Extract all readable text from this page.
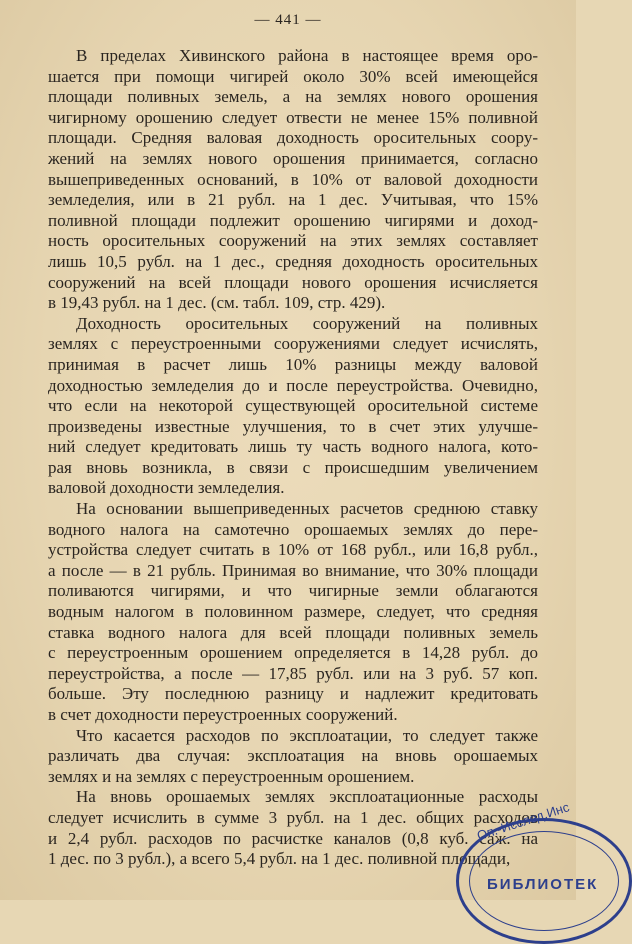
— 441 —
В пределах Хивинского района в настоящее время оро-
шается при помощи чигирей около 30% всей имеющейся
площади поливных земель, а на землях нового орошения
чигирному орошению следует отвести не менее 15% поливной
площади. Средняя валовая доходность оросительных соору-
жений на землях нового орошения принимается, согласно
вышеприведенных оснований, в 10% от валовой доходности
земледелия, или в 21 рубл. на 1 дес. Учитывая, что 15%
поливной площади подлежит орошению чигирями и доход-
ность оросительных сооружений на этих землях составляет
лишь 10,5 рубл. на 1 дес., средняя доходность оросительных
сооружений на всей площади нового орошения исчисляется
в 19,43 рубл. на 1 дес. (см. табл. 109, стр. 429).
Доходность оросительных сооружений на поливных
землях с переустроенными сооружениями следует исчислять,
принимая в расчет лишь 10% разницы между валовой
доходностью земледелия до и после переустройства. Очевидно,
что если на некоторой существующей оросительной системе
произведены известные улучшения, то в счет этих улучше-
ний следует кредитовать лишь ту часть водного налога, кото-
рая вновь возникла, в связи с происшедшим увеличением
валовой доходности земледелия.
На основании вышеприведенных расчетов среднюю ставку
водного налога на самотечно орошаемых землях до пере-
устройства следует считать в 10% от 168 рубл., или 16,8 рубл.,
а после — в 21 рубль. Принимая во внимание, что 30% площади
поливаются чигирями, и что чигирные земли облагаются
водным налогом в половинном размере, следует, что средняя
ставка водного налога для всей площади поливных земель
с переустроенным орошением определяется в 14,28 рубл. до
переустройства, а после — 17,85 рубл. или на 3 руб. 57 коп.
больше. Эту последнюю разницу и надлежит кредитовать
в счет доходности переустроенных сооружений.
Что касается расходов по эксплоатации, то следует также
различать два случая: эксплоатация на вновь орошаемых
землях и на землях с переустроенным орошением.
На вновь орошаемых землях эксплоатационные расходы
следует исчислить в сумме 3 рубл. на 1 дес. общих расходов
и 2,4 рубл. расходов по расчистке каналов (0,8 куб. саж. на
1 дес. по 3 рубл.), а всего 5,4 рубл. на 1 дес. поливной площади,
Оп.-Исслед.Инс
БИБЛИОТЕК
